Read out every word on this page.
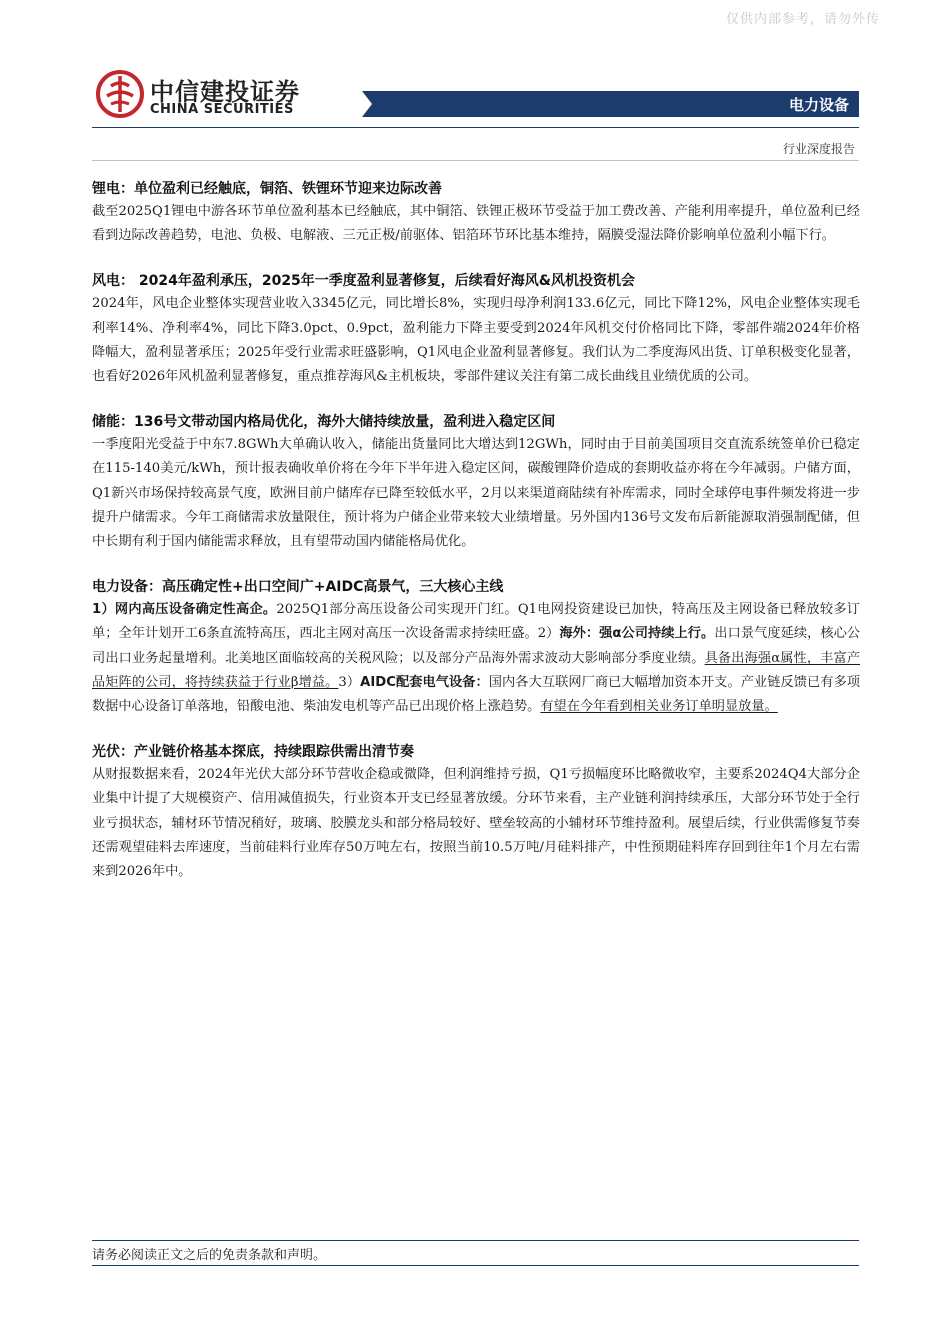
仅供内部参考，请勿外传
中信建投证券
CHINA SECURITIES	电力设备
行业深度报告

锂电：单位盈利已经触底，铜箔、铁锂环节迎来边际改善

截至2025Q1锂电中游各环节单位盈利基本已经触底，其中铜箔、铁锂正极环节受益于加工费改善、产能利用率提升，单位盈利已经看到边际改善趋势，电池、负极、电解液、三元正极/前驱体、铝箔环节环比基本维持，隔膜受湿法降价影响单位盈利小幅下行。

风电： 2024年盈利承压，2025年一季度盈利显著修复，后续看好海风&风机投资机会

2024年，风电企业整体实现营业收入3345亿元，同比增长8%，实现归母净利润133.6亿元，同比下降12%，风电企业整体实现毛利率14%、净利率4%，同比下降3.0pct、0.9pct，盈利能力下降主要受到2024年风机交付价格同比下降，零部件端2024年价格降幅大，盈利显著承压；2025年受行业需求旺盛影响，Q1风电企业盈利显著修复。我们认为二季度海风出货、订单积极变化显著，也看好2026年风机盈利显著修复，重点推荐海风&主机板块，零部件建议关注有第二成长曲线且业绩优质的公司。

储能：136号文带动国内格局优化，海外大储持续放量，盈利进入稳定区间

一季度阳光受益于中东7.8GWh大单确认收入，储能出货量同比大增达到12GWh，同时由于目前美国项目交直流系统签单价已稳定在115-140美元/kWh，预计报表确收单价将在今年下半年进入稳定区间，碳酸锂降价造成的套期收益亦将在今年减弱。户储方面，Q1新兴市场保持较高景气度，欧洲目前户储库存已降至较低水平，2月以来渠道商陆续有补库需求，同时全球停电事件频发将进一步提升户储需求。今年工商储需求放量限住，预计将为户储企业带来较大业绩增量。另外国内136号文发布后新能源取消强制配储，但中长期有利于国内储能需求释放，且有望带动国内储能格局优化。

电力设备：高压确定性+出口空间广+AIDC高景气，三大核心主线

1）网内高压设备确定性高企。2025Q1部分高压设备公司实现开门红。Q1电网投资建设已加快，特高压及主网设备已释放较多订单；全年计划开工6条直流特高压，西北主网对高压一次设备需求持续旺盛。2）海外：强α公司持续上行。出口景气度延续，核心公司出口业务起量增利。北美地区面临较高的关税风险；以及部分产品海外需求波动大影响部分季度业绩。具备出海强α属性，丰富产品矩阵的公司，将持续获益于行业β增益。3）AIDC配套电气设备：国内各大互联网厂商已大幅增加资本开支。产业链反馈已有多项数据中心设备订单落地，铅酸电池、柴油发电机等产品已出现价格上涨趋势。有望在今年看到相关业务订单明显放量。

光伏：产业链价格基本探底，持续跟踪供需出清节奏

从财报数据来看，2024年光伏大部分环节营收企稳或微降，但利润维持亏损，Q1亏损幅度环比略微收窄，主要系2024Q4大部分企业集中计提了大规模资产、信用减值损失，行业资本开支已经显著放缓。分环节来看，主产业链利润持续承压，大部分环节处于全行业亏损状态，辅材环节情况稍好，玻璃、胶膜龙头和部分格局较好、壁垒较高的小辅材环节维持盈利。展望后续，行业供需修复节奏还需观望硅料去库速度，当前硅料行业库存50万吨左右，按照当前10.5万吨/月硅料排产，中性预期硅料库存回到往年1个月左右需来到2026年中。

请务必阅读正文之后的免责条款和声明。
